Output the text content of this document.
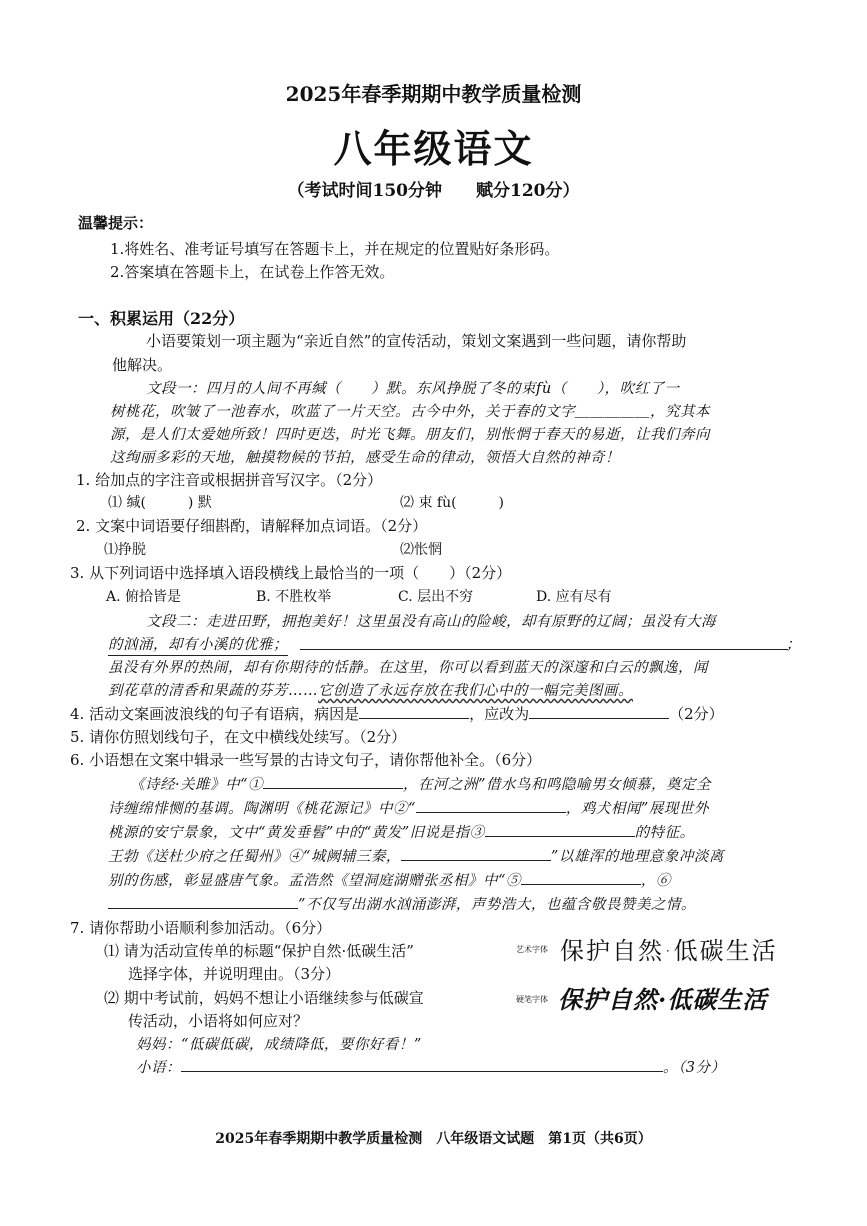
2025年春季期期中教学质量检测
八年级语文
（考试时间150分钟　　赋分120分）
温馨提示：
1.将姓名、准考证号填写在答题卡上，并在规定的位置贴好条形码。
2.答案填在答题卡上，在试卷上作答无效。
一、积累运用（22分）
小语要策划一项主题为“亲近自然”的宣传活动，策划文案遇到一些问题，请你帮助
他解决。
文段一：四月的人间不再缄（　　）默。东风挣脱了冬的束fù（　　），吹红了一
树桃花，吹皱了一池春水，吹蓝了一片天空。古今中外，关于春的文字＿＿＿＿＿，究其本
源，是人们太爱她所致！四时更迭，时光飞舞。朋友们，别怅惘于春天的易逝，让我们奔向
这绚丽多彩的天地，触摸物候的节拍，感受生命的律动，领悟大自然的神奇！
1. 给加点的字注音或根据拼音写汉字。（2分）
⑴ 缄(　　　) 默	⑵ 束 fù(　　　)
2. 文案中词语要仔细斟酌，请解释加点词语。（2分）
⑴挣脱	⑵怅惘
3. 从下列词语中选择填入语段横线上最恰当的一项（　　）（2分）
A. 俯拾皆是	B. 不胜枚举	C. 层出不穷	D. 应有尽有
文段二：走进田野，拥抱美好！这里虽没有高山的险峻，却有原野的辽阔；虽没有大海
的汹涌，却有小溪的优雅；	；
虽没有外界的热闹，却有你期待的恬静。在这里，你可以看到蓝天的深邃和白云的飘逸，闻
到花草的清香和果蔬的芬芳……它创造了永远存放在我们心中的一幅完美图画。
4. 活动文案画波浪线的句子有语病，病因是	，应改为	（2分）
5. 请你仿照划线句子，在文中横线处续写。（2分）
6. 小语想在文案中辑录一些写景的古诗文句子，请你帮他补全。（6分）
《诗经·关雎》中“①	，在河之洲”借水鸟和鸣隐喻男女倾慕，奠定全
诗缠绵悱恻的基调。陶渊明《桃花源记》中②“	，鸡犬相闻”展现世外
桃源的安宁景象，文中“黄发垂髫”中的“黄发”旧说是指③	的特征。
王勃《送杜少府之任蜀州》④“城阙辅三秦，	”以雄浑的地理意象冲淡离
别的伤感，彰显盛唐气象。孟浩然《望洞庭湖赠张丞相》中“⑤	，⑥
”不仅写出湖水汹涌澎湃，声势浩大，也蕴含敬畏赞美之情。
7. 请你帮助小语顺利参加活动。（6分）
⑴ 请为活动宣传单的标题“保护自然·低碳生活”
选择字体，并说明理由。（3分）
⑵ 期中考试前，妈妈不想让小语继续参与低碳宣
传活动，小语将如何应对？
艺术字体 保护自然·低碳生活
硬笔字体 保护自然·低碳生活
妈妈：“低碳低碳，成绩降低，要你好看！”
小语：	。（3分）
2025年春季期期中教学质量检测　八年级语文试题　第1页（共6页）
